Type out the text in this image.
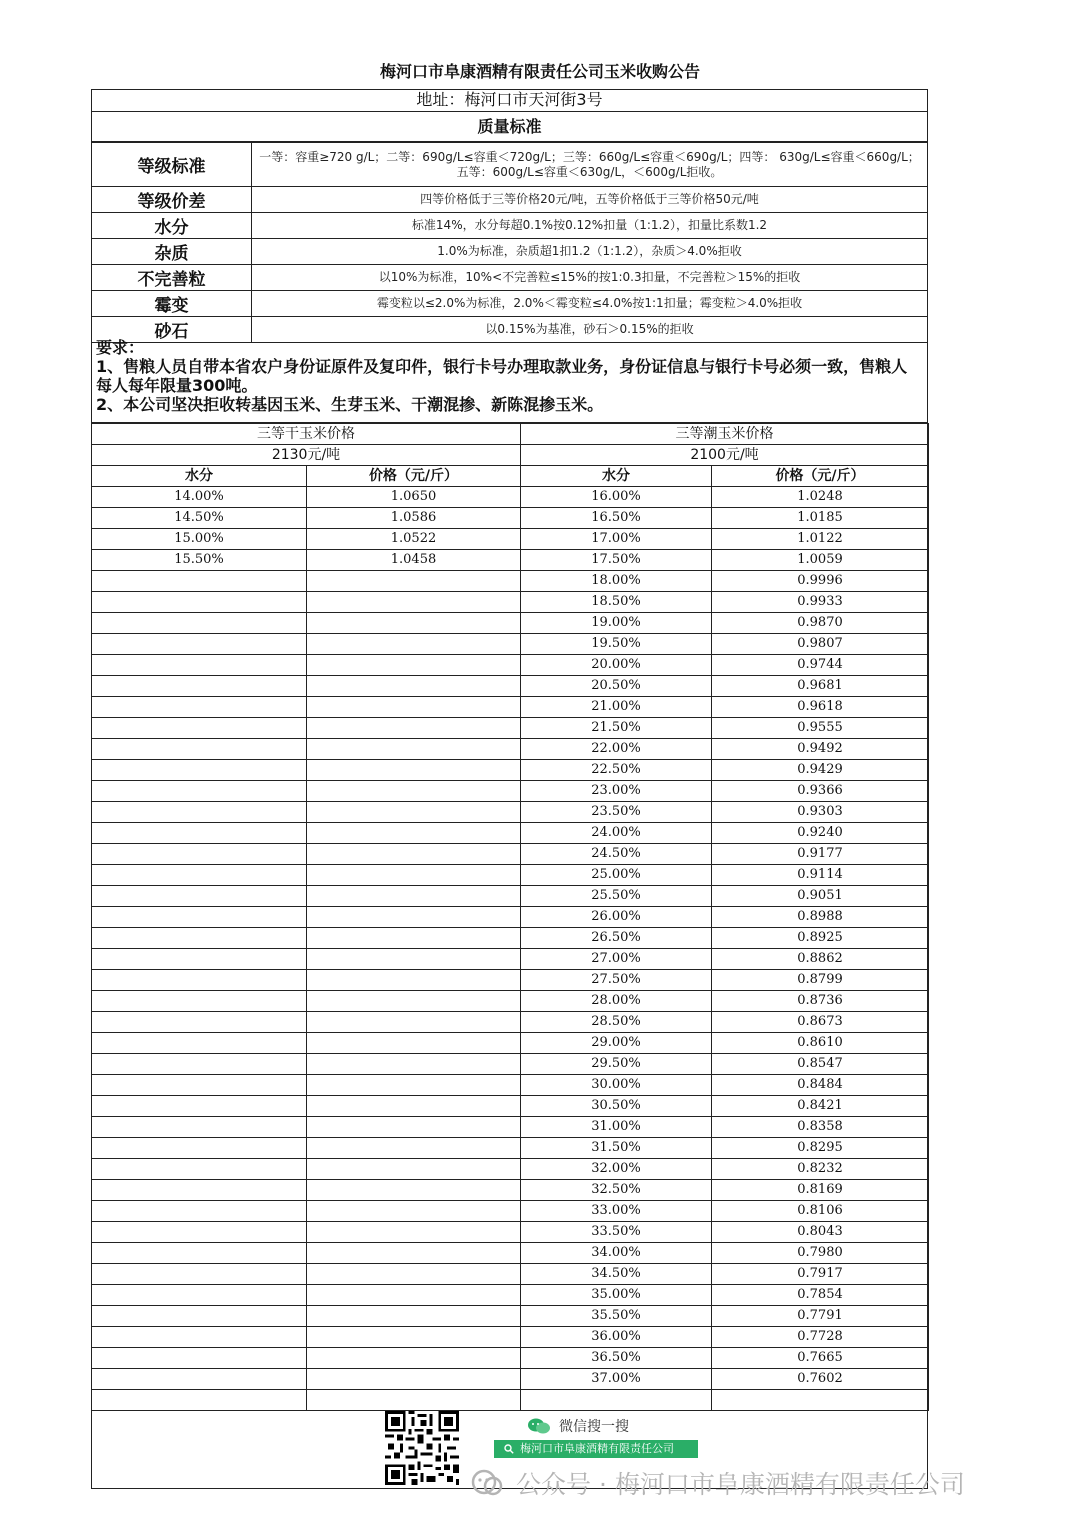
梅河口市阜康酒精有限责任公司玉米收购公告
地址：梅河口市天河街3号
质量标准
等级标准	一等：容重≥720 g/L；二等：690g/L≤容重＜720g/L；三等：660g/L≤容重＜690g/L；四等： 630g/L≤容重＜660g/L；五等：600g/L≤容重＜630g/L，＜600g/L拒收。
等级价差	四等价格低于三等价格20元/吨，五等价格低于三等价格50元/吨
水分	标准14%，水分每超0.1%按0.12%扣量（1:1.2），扣量比系数1.2
杂质	1.0%为标准，杂质超1扣1.2（1:1.2），杂质＞4.0%拒收
不完善粒	以10%为标准，10%<不完善粒≤15%的按1:0.3扣量，不完善粒＞15%的拒收
霉变	霉变粒以≤2.0%为标准，2.0%＜霉变粒≤4.0%按1:1扣量；霉变粒＞4.0%拒收
砂石	以0.15%为基准，砂石＞0.15%的拒收
要求：
1、售粮人员自带本省农户身份证原件及复印件，银行卡号办理取款业务，身份证信息与银行卡号必须一致，售粮人每人每年限量300吨。
2、本公司坚决拒收转基因玉米、生芽玉米、干潮混掺、新陈混掺玉米。
三等干玉米价格		三等潮玉米价格	
2130元/吨		2100元/吨	
水分	价格（元/斤）	水分	价格（元/斤）
14.00%	1.0650	16.00%	1.0248
14.50%	1.0586	16.50%	1.0185
15.00%	1.0522	17.00%	1.0122
15.50%	1.0458	17.50%	1.0059
		18.00%	0.9996
		18.50%	0.9933
		19.00%	0.9870
		19.50%	0.9807
		20.00%	0.9744
		20.50%	0.9681
		21.00%	0.9618
		21.50%	0.9555
		22.00%	0.9492
		22.50%	0.9429
		23.00%	0.9366
		23.50%	0.9303
		24.00%	0.9240
		24.50%	0.9177
		25.00%	0.9114
		25.50%	0.9051
		26.00%	0.8988
		26.50%	0.8925
		27.00%	0.8862
		27.50%	0.8799
		28.00%	0.8736
		28.50%	0.8673
		29.00%	0.8610
		29.50%	0.8547
		30.00%	0.8484
		30.50%	0.8421
		31.00%	0.8358
		31.50%	0.8295
		32.00%	0.8232
		32.50%	0.8169
		33.00%	0.8106
		33.50%	0.8043
		34.00%	0.7980
		34.50%	0.7917
		35.00%	0.7854
		35.50%	0.7791
		36.00%	0.7728
		36.50%	0.7665
		37.00%	0.7602

微信搜一搜
梅河口市阜康酒精有限责任公司
公众号 · 梅河口市阜康酒精有限责任公司
